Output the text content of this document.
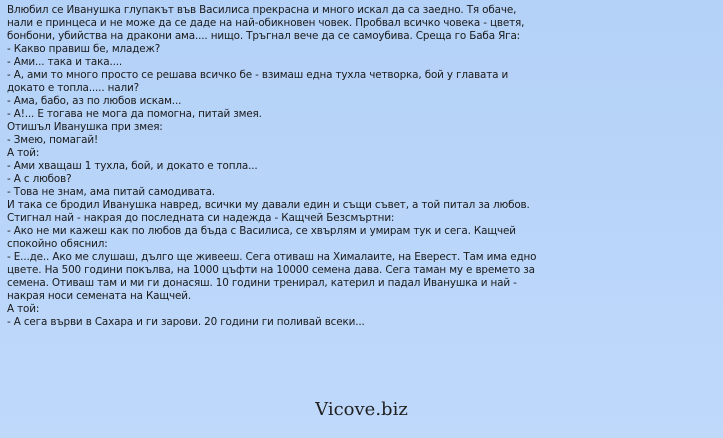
Влюбил се Иванушка глупакът във Василиса прекрасна и много искал да са заедно. Тя обаче,
нали е принцеса и не може да се даде на най-обикновен човек. Пробвал всичко човека - цветя,
бонбони, убийства на дракони ама.... нищо. Тръгнал вече да се самоубива. Среща го Баба Яга:
- Какво правиш бе, младеж?
- Ами... така и така....
- А, ами то много просто се решава всичко бе - взимаш една тухла четворка, бой у главата и
докато е топла..... нали?
- Ама, бабо, аз по любов искам...
- А!... Е тогава не мога да помогна, питай змея.
Отишъл Иванушка при змея:
- Змею, помагай!
А той:
- Ами хващаш 1 тухла, бой, и докато е топла...
- А с любов?
- Това не знам, ама питай самодивата.
И така се бродил Иванушка навред, всички му давали един и същи съвет, а той питал за любов.
Стигнал най - накрая до последната си надежда - Кащчей Безсмъртни:
- Ако не ми кажеш как по любов да бъда с Василиса, се хвърлям и умирам тук и сега. Кащчей
спокойно обяснил:
- Е...де.. Ако ме слушаш, дълго ще живееш. Сега отиваш на Хималаите, на Еверест. Там има едно
цвете. На 500 години покълва, на 1000 цъфти на 10000 семена дава. Сега таман му е времето за
семена. Отиваш там и ми ги донасяш. 10 години тренирал, катерил и падал Иванушка и най -
накрая носи семената на Кащчей.
А той:
- А сега върви в Сахара и ги зарови. 20 години ги поливай всеки...
Vicove.biz
